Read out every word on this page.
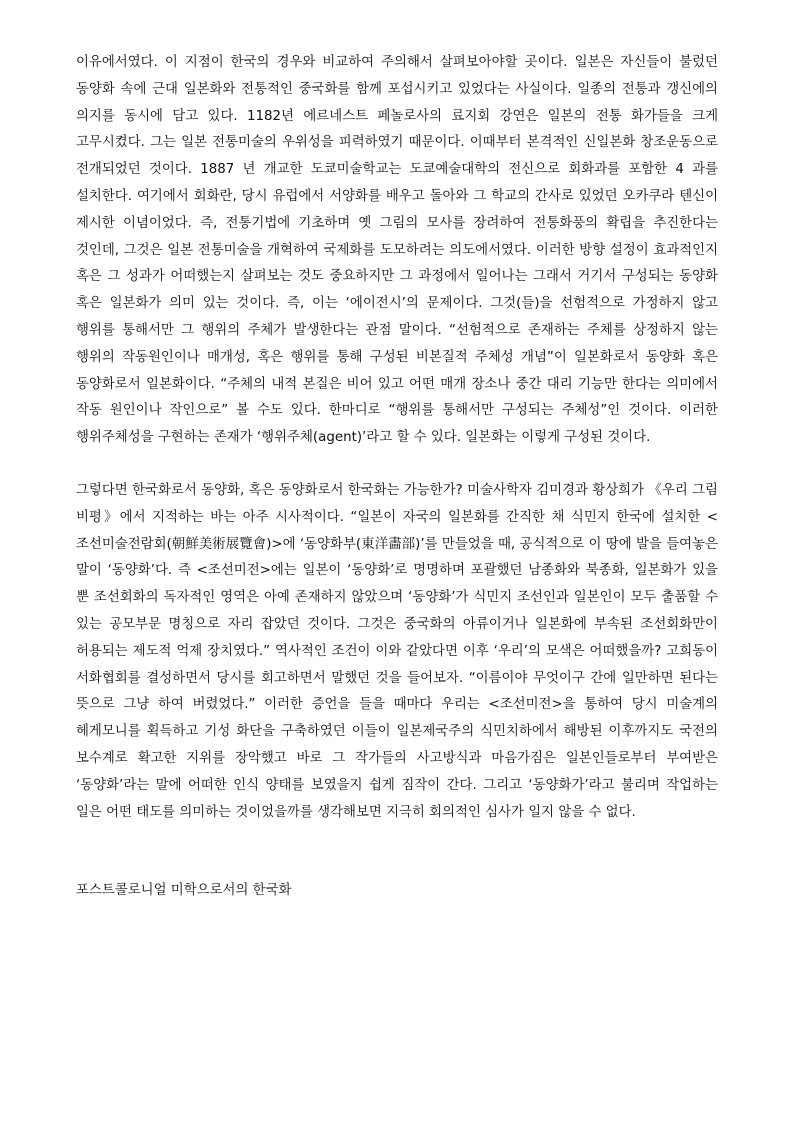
이유에서였다. 이 지점이 한국의 경우와 비교하여 주의해서 살펴보아야할 곳이다. 일본은 자신들이 불렀던 동양화 속에 근대 일본화와 전통적인 중국화를 함께 포섭시키고 있었다는 사실이다. 일종의 전통과 갱신에의 의지를 동시에 담고 있다. 1182년 에르네스트 페놀로사의 료지회 강연은 일본의 전통 화가들을 크게 고무시켰다. 그는 일본 전통미술의 우위성을 피력하였기 때문이다. 이때부터 본격적인 신일본화 창조운동으로 전개되었던 것이다. 1887 년 개교한 도쿄미술학교는 도쿄예술대학의 전신으로 회화과를 포함한 4 과를 설치한다. 여기에서 회화란, 당시 유럽에서 서양화를 배우고 돌아와 그 학교의 간사로 있었던 오카쿠라 텐신이 제시한 이념이었다. 즉, 전통기법에 기초하며 옛 그림의 모사를 장려하여 전통화풍의 확립을 추진한다는 것인데, 그것은 일본 전통미술을 개혁하여 국제화를 도모하려는 의도에서였다. 이러한 방향 설정이 효과적인지 혹은 그 성과가 어떠했는지 살펴보는 것도 중요하지만 그 과정에서 일어나는 그래서 거기서 구성되는 동양화 혹은 일본화가 의미 있는 것이다. 즉, 이는 ‘에이전시’의 문제이다. 그것(들)을 선험적으로 가정하지 않고 행위를 통해서만 그 행위의 주체가 발생한다는 관점 말이다. “선험적으로 존재하는 주체를 상정하지 않는 행위의 작동원인이나 매개성, 혹은 행위를 통해 구성된 비본질적 주체성 개념”이 일본화로서 동양화 혹은 동양화로서 일본화이다. “주체의 내적 본질은 비어 있고 어떤 매개 장소나 중간 대리 기능만 한다는 의미에서 작동 원인이나 작인으로” 볼 수도 있다. 한마디로 “행위를 통해서만 구성되는 주체성”인 것이다. 이러한 행위주체성을 구현하는 존재가 ‘행위주체(agent)’라고 할 수 있다. 일본화는 이렇게 구성된 것이다.

그렇다면 한국화로서 동양화, 혹은 동양화로서 한국화는 가능한가? 미술사학자 김미경과 황상희가 《우리 그림 비평》에서 지적하는 바는 아주 시사적이다. “일본이 자국의 일본화를 간직한 채 식민지 한국에 설치한 <조선미술전람회(朝鮮美術展覽會)>에 ‘동양화부(東洋畵部)’를 만들었을 때, 공식적으로 이 땅에 발을 들여놓은 말이 ‘동양화’다. 즉 <조선미전>에는 일본이 ‘동양화’로 명명하며 포괄했던 남종화와 북종화, 일본화가 있을 뿐 조선회화의 독자적인 영역은 아예 존재하지 않았으며 ‘동양화’가 식민지 조선인과 일본인이 모두 출품할 수 있는 공모부문 명칭으로 자리 잡았던 것이다. 그것은 중국화의 아류이거나 일본화에 부속된 조선회화만이 허용되는 제도적 억제 장치였다.” 역사적인 조건이 이와 같았다면 이후 ‘우리’의 모색은 어떠했을까? 고희동이 서화협회를 결성하면서 당시를 회고하면서 말했던 것을 들어보자. “이름이야 무엇이구 간에 일만하면 된다는 뜻으로 그냥 하여 버렸었다.” 이러한 증언을 들을 때마다 우리는 <조선미전>을 통하여 당시 미술계의 헤게모니를 획득하고 기성 화단을 구축하였던 이들이 일본제국주의 식민치하에서 해방된 이후까지도 국전의 보수계로 확고한 지위를 장악했고 바로 그 작가들의 사고방식과 마음가짐은 일본인들로부터 부여받은 ‘동양화’라는 말에 어떠한 인식 양태를 보였을지 쉽게 짐작이 간다. 그리고 ‘동양화가’라고 불리며 작업하는 일은 어떤 태도를 의미하는 것이었을까를 생각해보면 지극히 회의적인 심사가 일지 않을 수 없다.

포스트콜로니얼 미학으로서의 한국화
